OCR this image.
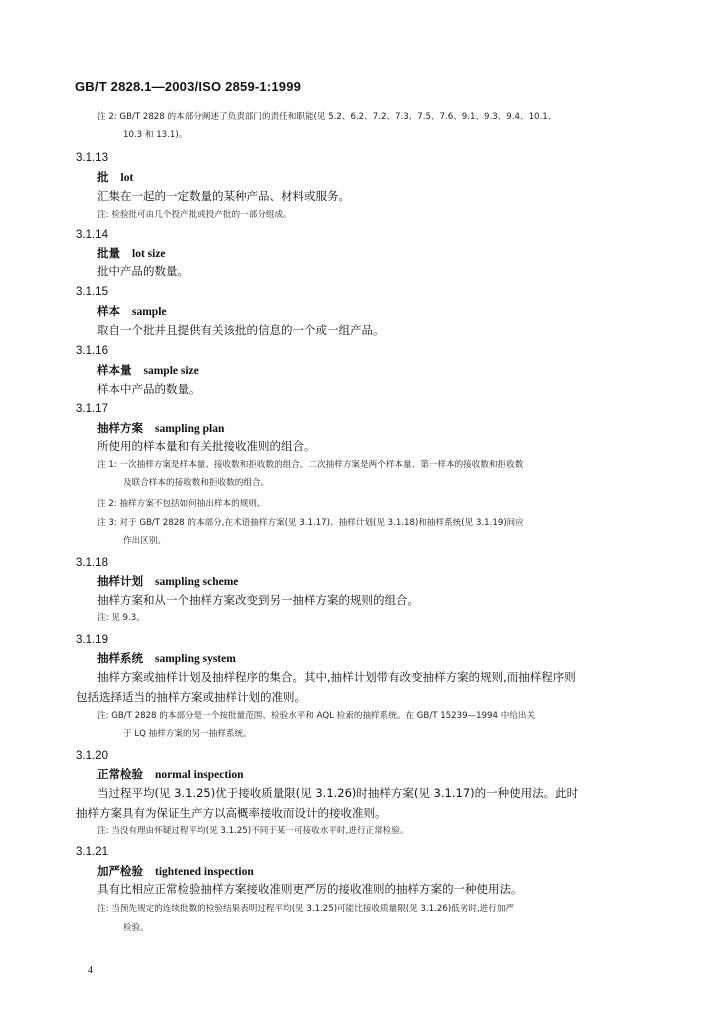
GB/T 2828.1—2003/ISO 2859-1:1999
注 2: GB/T 2828 的本部分阐述了负责部门的责任和职能(见 5.2、6.2、7.2、7.3、7.5、7.6、9.1、9.3、9.4、10.1、
10.3 和 13.1)。
3.1.13
批 lot
汇集在一起的一定数量的某种产品、材料或服务。
注: 检验批可由几个投产批或投产批的一部分组成。
3.1.14
批量 lot size
批中产品的数量。
3.1.15
样本 sample
取自一个批并且提供有关该批的信息的一个或一组产品。
3.1.16
样本量 sample size
样本中产品的数量。
3.1.17
抽样方案 sampling plan
所使用的样本量和有关批接收准则的组合。
注 1: 一次抽样方案是样本量、接收数和拒收数的组合。二次抽样方案是两个样本量、第一样本的接收数和拒收数
及联合样本的接收数和拒收数的组合。
注 2: 抽样方案不包括如何抽出样本的规则。
注 3: 对于 GB/T 2828 的本部分,在术语抽样方案(见 3.1.17)、抽样计划(见 3.1.18)和抽样系统(见 3.1.19)间应
作出区别。
3.1.18
抽样计划 sampling scheme
抽样方案和从一个抽样方案改变到另一抽样方案的规则的组合。
注: 见 9.3。
3.1.19
抽样系统 sampling system
抽样方案或抽样计划及抽样程序的集合。其中,抽样计划带有改变抽样方案的规则,而抽样程序则
包括选择适当的抽样方案或抽样计划的准则。
注: GB/T 2828 的本部分是一个按批量范围、检验水平和 AQL 检索的抽样系统。在 GB/T 15239—1994 中给出关
于 LQ 抽样方案的另一抽样系统。
3.1.20
正常检验 normal inspection
当过程平均(见 3.1.25)优于接收质量限(见 3.1.26)时抽样方案(见 3.1.17)的一种使用法。此时
抽样方案具有为保证生产方以高概率接收而设计的接收准则。
注: 当没有理由怀疑过程平均(见 3.1.25)不同于某一可接收水平时,进行正常检验。
3.1.21
加严检验 tightened inspection
具有比相应正常检验抽样方案接收准则更严厉的接收准则的抽样方案的一种使用法。
注: 当预先规定的连续批数的检验结果表明过程平均(见 3.1.25)可能比接收质量限(见 3.1.26)低劣时,进行加严
检验。
4
